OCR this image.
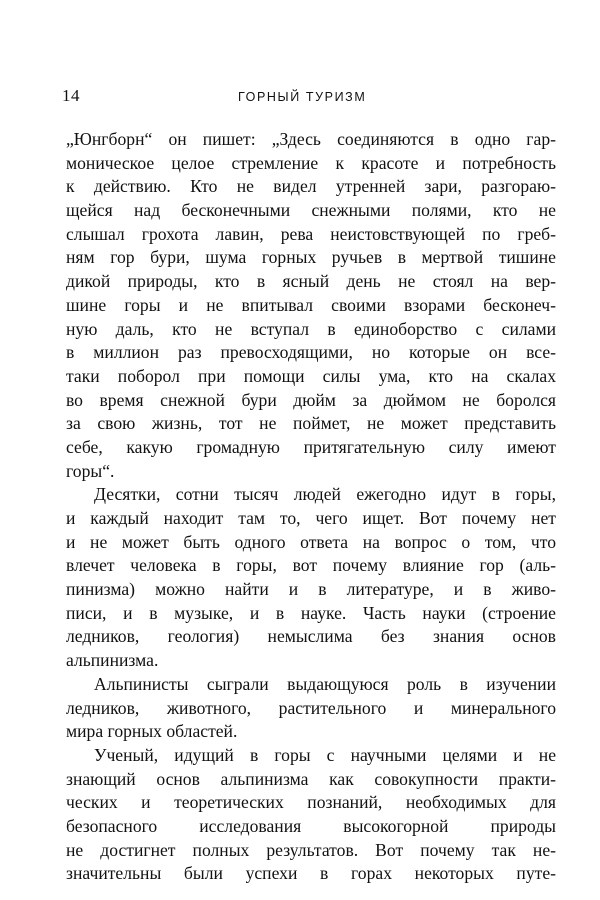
14	ГОРНЫЙ ТУРИЗМ
„Юнгборн“ он пишет: „Здесь соединяются в одно гар-
моническое целое стремление к красоте и потребность
к действию. Кто не видел утренней зари, разгораю-
щейся над бесконечными снежными полями, кто не
слышал грохота лавин, рева неистовствующей по греб-
ням гор бури, шума горных ручьев в мертвой тишине
дикой природы, кто в ясный день не стоял на вер-
шине горы и не впитывал своими взорами бесконеч-
ную даль, кто не вступал в единоборство с силами
в миллион раз превосходящими, но которые он все-
таки поборол при помощи силы ума, кто на скалах
во время снежной бури дюйм за дюймом не боролся
за свою жизнь, тот не поймет, не может представить
себе, какую громадную притягательную силу имеют
горы“.
Десятки, сотни тысяч людей ежегодно идут в горы,
и каждый находит там то, чего ищет. Вот почему нет
и не может быть одного ответа на вопрос о том, что
влечет человека в горы, вот почему влияние гор (аль-
пинизма) можно найти и в литературе, и в живо-
писи, и в музыке, и в науке. Часть науки (строение
ледников, геология) немыслима без знания основ
альпинизма.
Альпинисты сыграли выдающуюся роль в изучении
ледников, животного, растительного и минерального
мира горных областей.
Ученый, идущий в горы с научными целями и не
знающий основ альпинизма как совокупности практи-
ческих и теоретических познаний, необходимых для
безопасного исследования высокогорной природы
не достигнет полных результатов. Вот почему так не-
значительны были успехи в горах некоторых путе-
